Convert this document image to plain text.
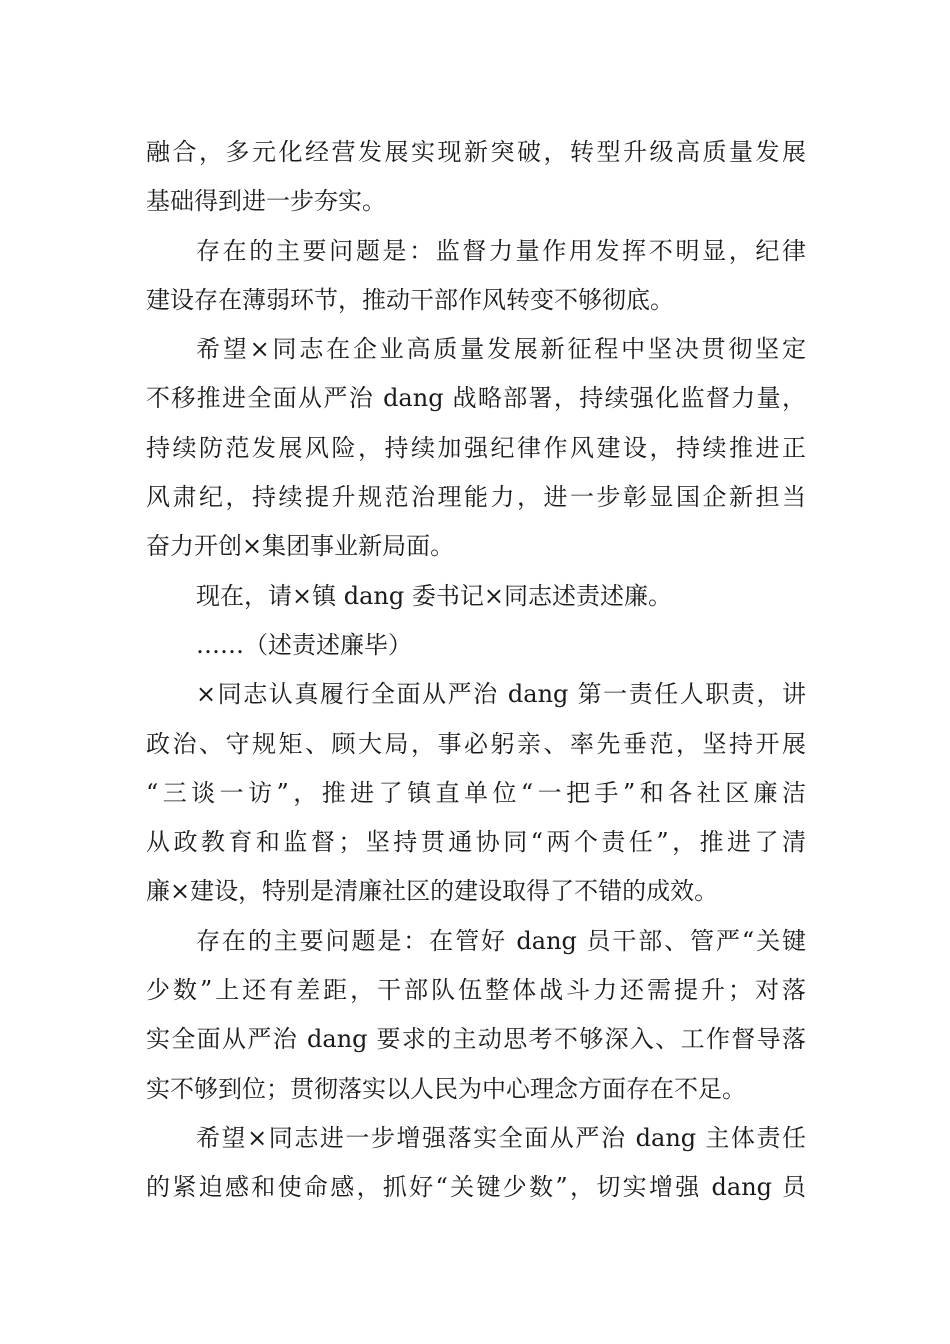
融合，多元化经营发展实现新突破，转型升级高质量发展
基础得到进一步夯实。
存在的主要问题是：监督力量作用发挥不明显，纪律
建设存在薄弱环节，推动干部作风转变不够彻底。
希望×同志在企业高质量发展新征程中坚决贯彻坚定
不移推进全面从严治 dang 战略部署，持续强化监督力量，
持续防范发展风险，持续加强纪律作风建设，持续推进正
风肃纪，持续提升规范治理能力，进一步彰显国企新担当
奋力开创×集团事业新局面。
现在，请×镇 dang 委书记×同志述责述廉。
……（述责述廉毕）
×同志认真履行全面从严治 dang 第一责任人职责，讲
政治、守规矩、顾大局，事必躬亲、率先垂范，坚持开展
“三谈一访”，推进了镇直单位“一把手”和各社区廉洁
从政教育和监督；坚持贯通协同“两个责任”，推进了清
廉×建设，特别是清廉社区的建设取得了不错的成效。
存在的主要问题是：在管好 dang 员干部、管严“关键
少数”上还有差距，干部队伍整体战斗力还需提升；对落
实全面从严治 dang 要求的主动思考不够深入、工作督导落
实不够到位；贯彻落实以人民为中心理念方面存在不足。
希望×同志进一步增强落实全面从严治 dang 主体责任
的紧迫感和使命感，抓好“关键少数”，切实增强 dang 员
